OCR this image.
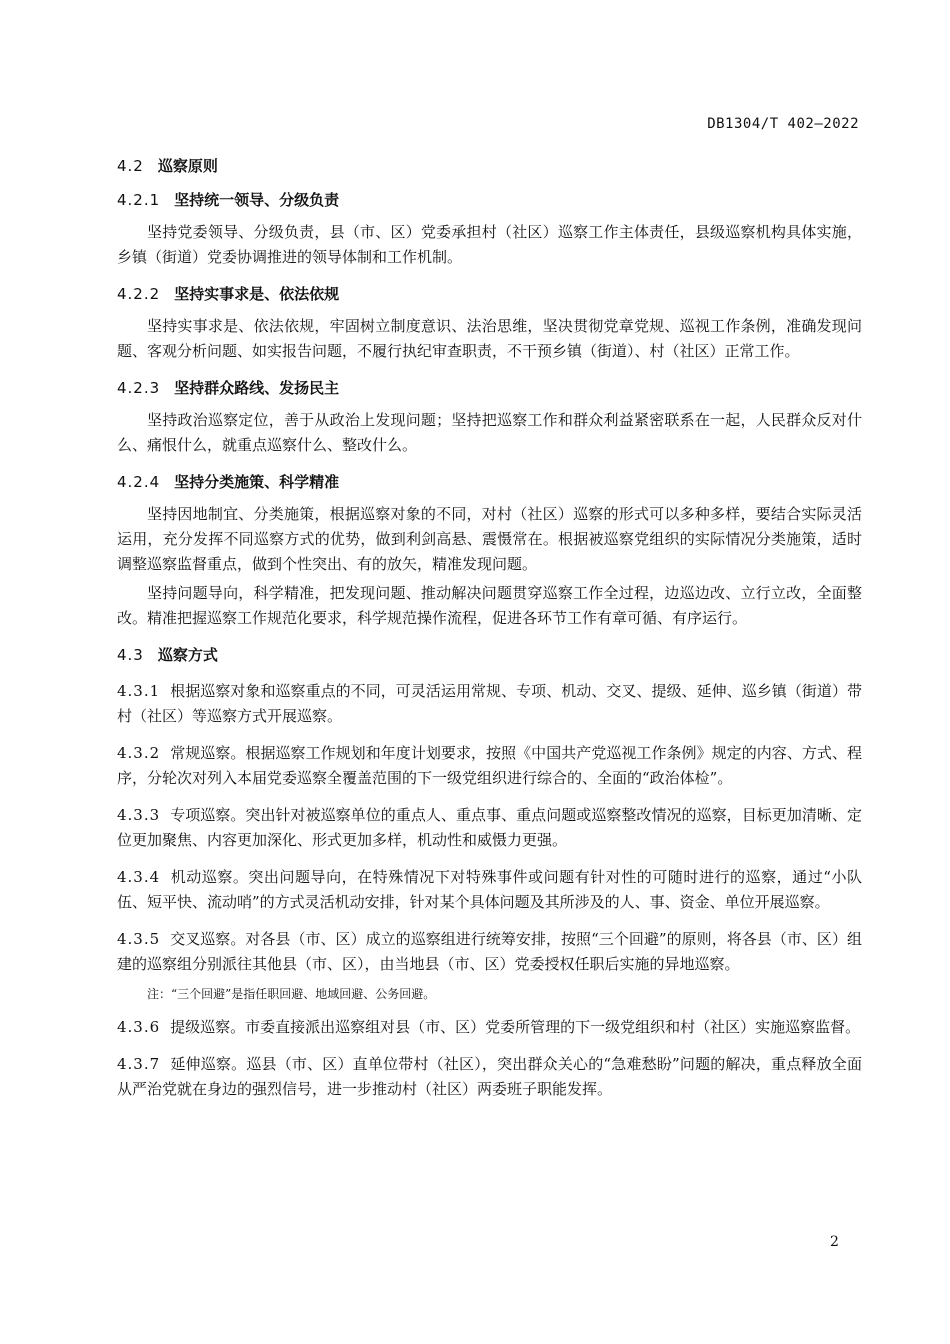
DB1304/T 402—2022
4.2 巡察原则
4.2.1 坚持统一领导、分级负责

坚持党委领导、分级负责，县（市、区）党委承担村（社区）巡察工作主体责任，县级巡察机构具体实施，乡镇（街道）党委协调推进的领导体制和工作机制。

4.2.2 坚持实事求是、依法依规

坚持实事求是、依法依规，牢固树立制度意识、法治思维，坚决贯彻党章党规、巡视工作条例，准确发现问题、客观分析问题、如实报告问题，不履行执纪审查职责，不干预乡镇（街道）、村（社区）正常工作。

4.2.3 坚持群众路线、发扬民主

坚持政治巡察定位，善于从政治上发现问题；坚持把巡察工作和群众利益紧密联系在一起，人民群众反对什么、痛恨什么，就重点巡察什么、整改什么。

4.2.4 坚持分类施策、科学精准

坚持因地制宜、分类施策，根据巡察对象的不同，对村（社区）巡察的形式可以多种多样，要结合实际灵活运用，充分发挥不同巡察方式的优势，做到利剑高悬、震慑常在。根据被巡察党组织的实际情况分类施策，适时调整巡察监督重点，做到个性突出、有的放矢，精准发现问题。

坚持问题导向，科学精准，把发现问题、推动解决问题贯穿巡察工作全过程，边巡边改、立行立改，全面整改。精准把握巡察工作规范化要求，科学规范操作流程，促进各环节工作有章可循、有序运行。

4.3 巡察方式

4.3.1 根据巡察对象和巡察重点的不同，可灵活运用常规、专项、机动、交叉、提级、延伸、巡乡镇（街道）带村（社区）等巡察方式开展巡察。

4.3.2 常规巡察。根据巡察工作规划和年度计划要求，按照《中国共产党巡视工作条例》规定的内容、方式、程序，分轮次对列入本届党委巡察全覆盖范围的下一级党组织进行综合的、全面的“政治体检”。

4.3.3 专项巡察。突出针对被巡察单位的重点人、重点事、重点问题或巡察整改情况的巡察，目标更加清晰、定位更加聚焦、内容更加深化、形式更加多样，机动性和威慑力更强。

4.3.4 机动巡察。突出问题导向，在特殊情况下对特殊事件或问题有针对性的可随时进行的巡察，通过“小队伍、短平快、流动哨”的方式灵活机动安排，针对某个具体问题及其所涉及的人、事、资金、单位开展巡察。

4.3.5 交叉巡察。对各县（市、区）成立的巡察组进行统筹安排，按照“三个回避”的原则，将各县（市、区）组建的巡察组分别派往其他县（市、区），由当地县（市、区）党委授权任职后实施的异地巡察。

注：“三个回避”是指任职回避、地域回避、公务回避。

4.3.6 提级巡察。市委直接派出巡察组对县（市、区）党委所管理的下一级党组织和村（社区）实施巡察监督。

4.3.7 延伸巡察。巡县（市、区）直单位带村（社区），突出群众关心的“急难愁盼”问题的解决，重点释放全面从严治党就在身边的强烈信号，进一步推动村（社区）两委班子职能发挥。

2
